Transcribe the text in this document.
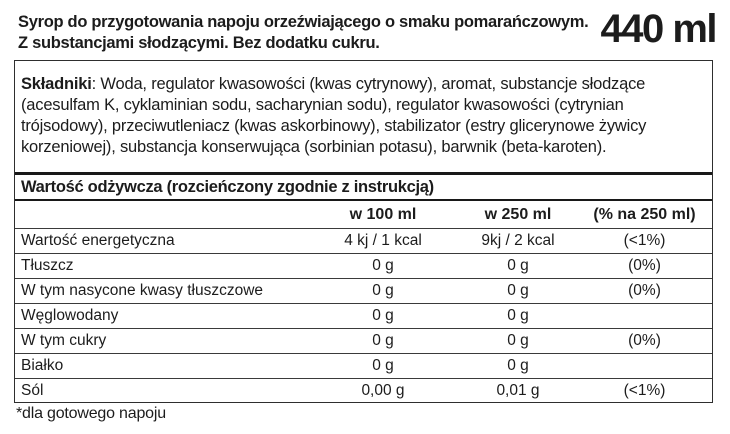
Syrop do przygotowania napoju orzeźwiającego o smaku pomarańczowym.
Z substancjami słodzącymi. Bez dodatku cukru.	440 ml
Składniki: Woda, regulator kwasowości (kwas cytrynowy), aromat, substancje słodzące (acesulfam K, cyklaminian sodu, sacharynian sodu), regulator kwasowości (cytrynian trójsodowy), przeciwutleniacz (kwas askorbinowy), stabilizator (estry glicerynowe żywicy korzeniowej), substancja konserwująca (sorbinian potasu), barwnik (beta-karoten).
Wartość odżywcza (rozcieńczony zgodnie z instrukcją)
w 100 ml	w 250 ml	(% na 250 ml)
Wartość energetyczna	4 kj / 1 kcal	9kj / 2 kcal	(<1%)
Tłuszcz	0 g	0 g	(0%)
W tym nasycone kwasy tłuszczowe	0 g	0 g	(0%)
Węglowodany	0 g	0 g
W tym cukry	0 g	0 g	(0%)
Białko	0 g	0 g
Sól	0,00 g	0,01 g	(<1%)
*dla gotowego napoju
